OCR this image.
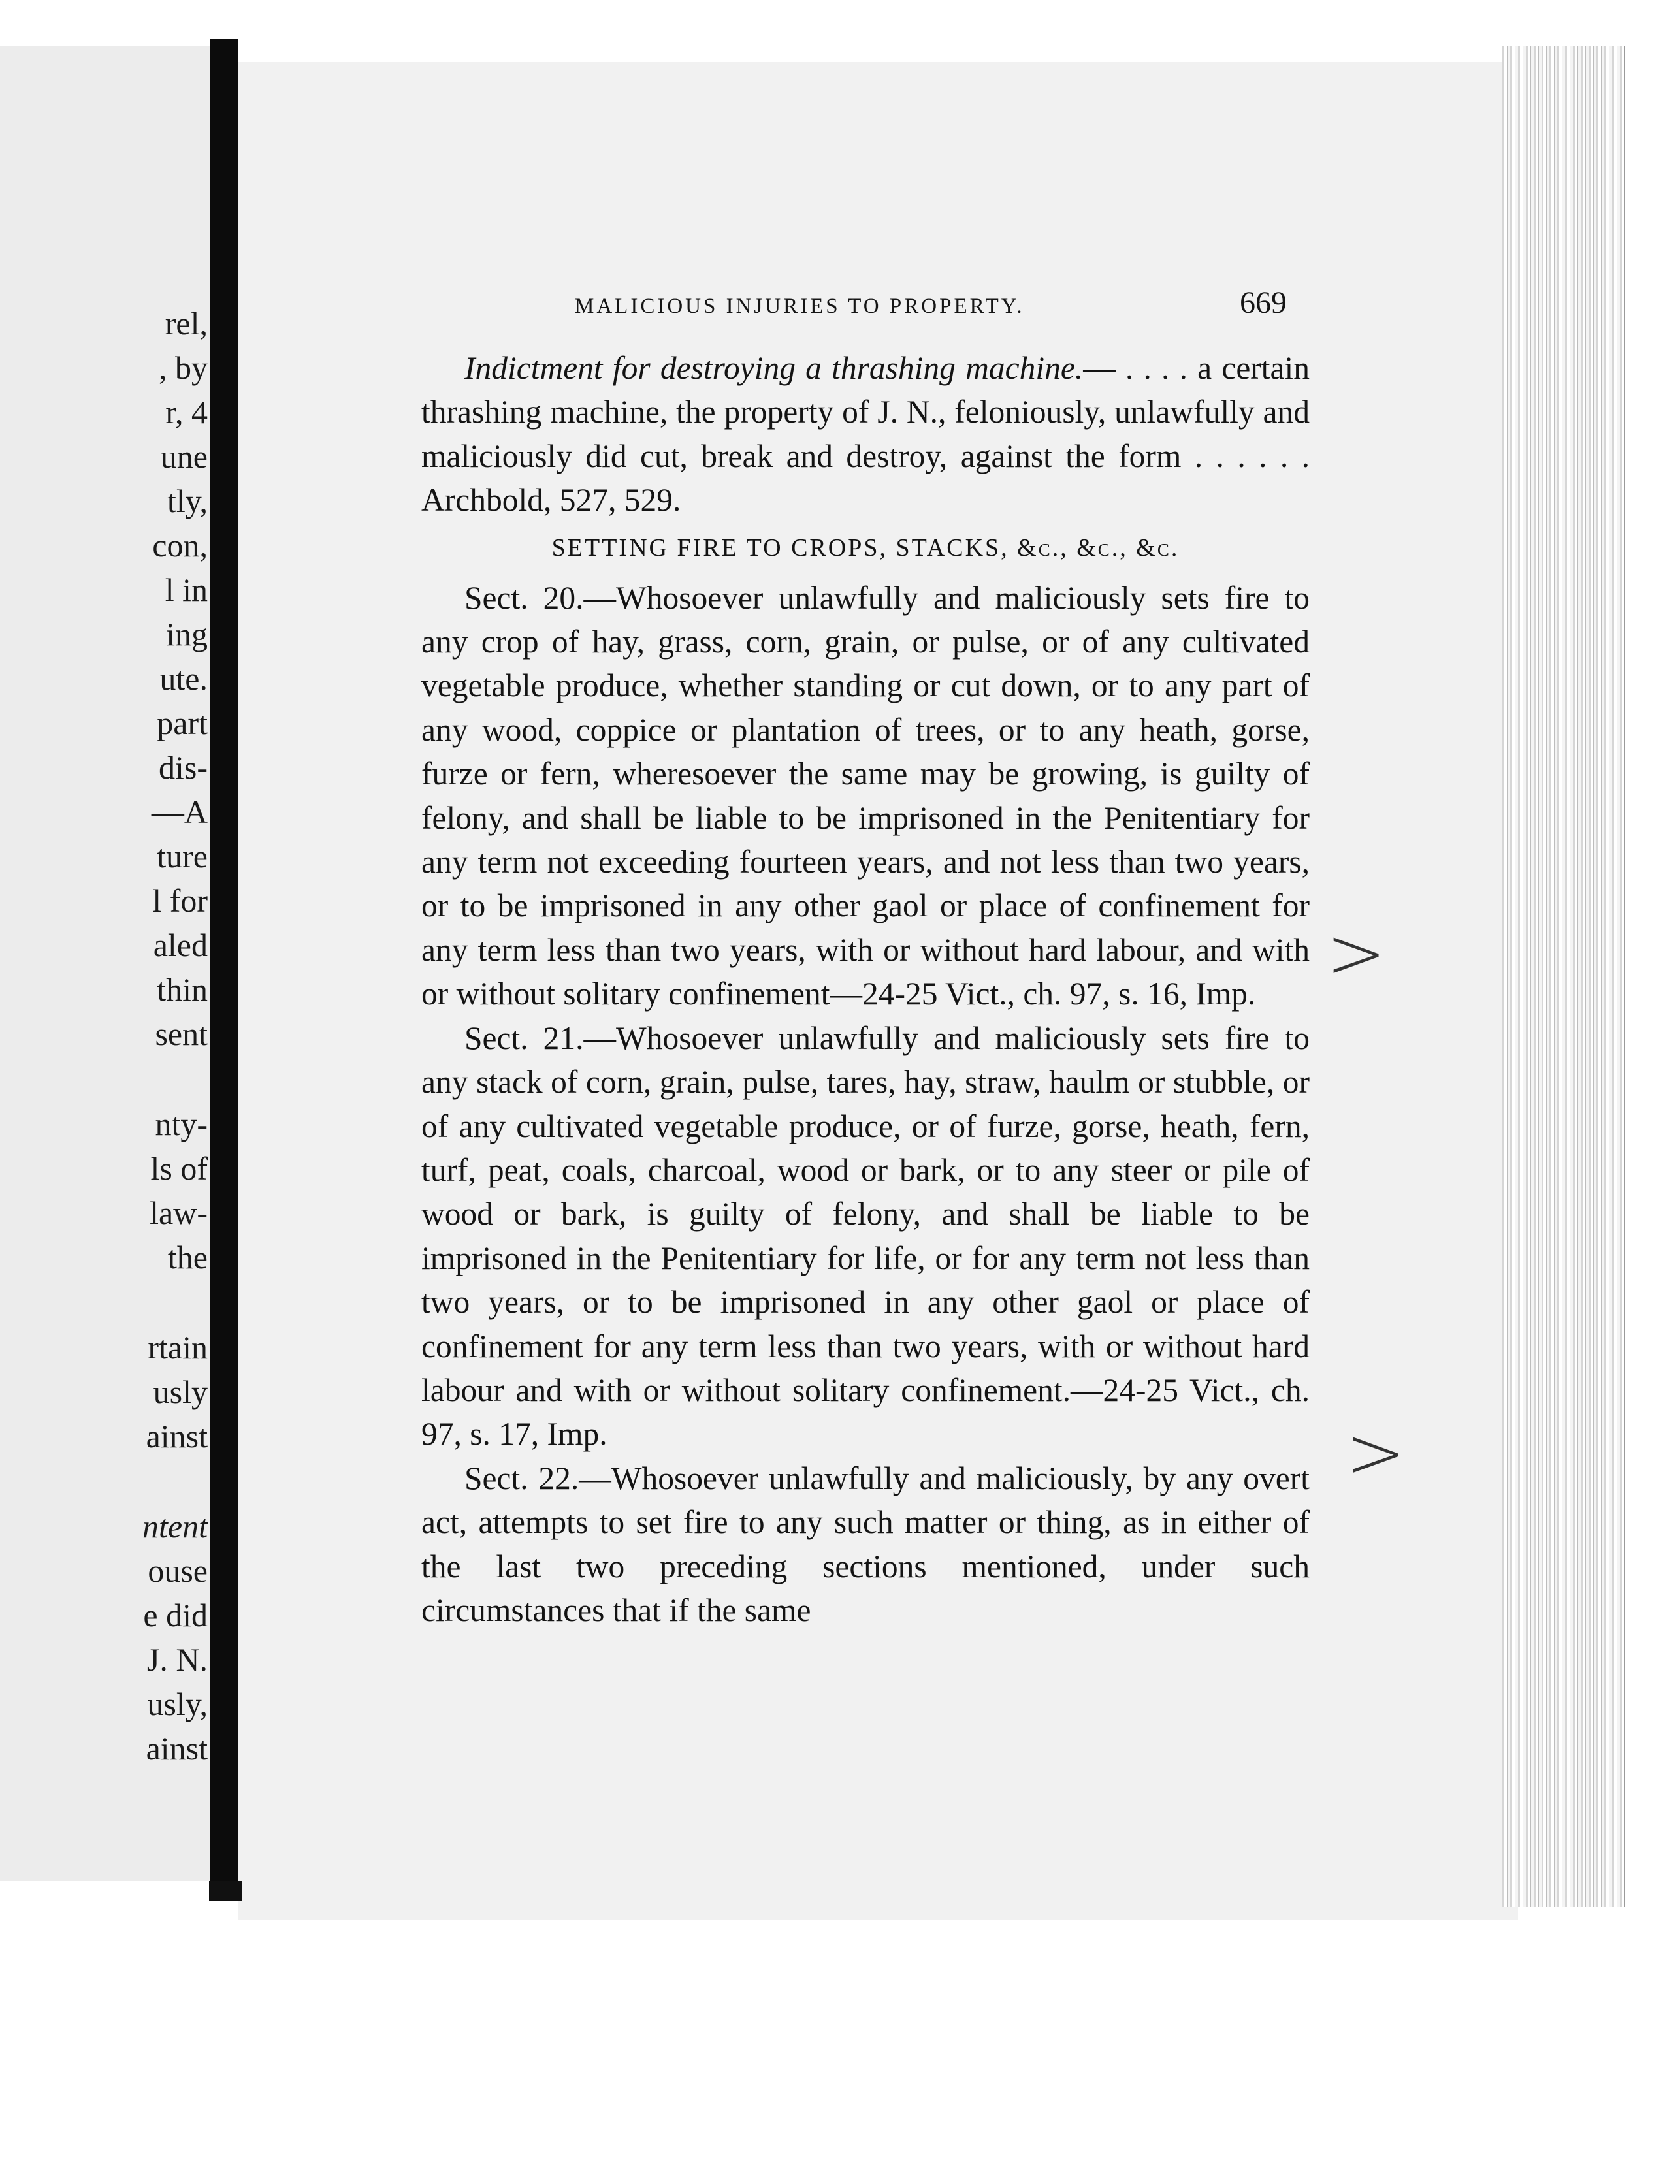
rel,
, by
r, 4
une
tly,
con,
l in
ing
ute.
part
dis-
—A
ture
l for
aled
thin
sent
nty-
ls of
law-
the
rtain
usly
ainst
ntent
ouse
e did
J. N.
usly,
ainst
MALICIOUS INJURIES TO PROPERTY.	669

Indictment for destroying a thrashing machine.— . . . . a certain thrashing machine, the property of J. N., feloniously, unlawfully and maliciously did cut, break and destroy, against the form . . . . . . Archbold, 527, 529.

SETTING FIRE TO CROPS, STACKS, &c., &c., &c.

Sect. 20.—Whosoever unlawfully and maliciously sets fire to any crop of hay, grass, corn, grain, or pulse, or of any cultivated vegetable produce, whether standing or cut down, or to any part of any wood, coppice or plantation of trees, or to any heath, gorse, furze or fern, wheresoever the same may be growing, is guilty of felony, and shall be liable to be imprisoned in the Penitentiary for any term not exceeding fourteen years, and not less than two years, or to be imprisoned in any other gaol or place of confinement for any term less than two years, with or without hard labour, and with or without solitary confinement—24-25 Vict., ch. 97, s. 16, Imp.

Sect. 21.—Whosoever unlawfully and maliciously sets fire to any stack of corn, grain, pulse, tares, hay, straw, haulm or stubble, or of any cultivated vegetable produce, or of furze, gorse, heath, fern, turf, peat, coals, charcoal, wood or bark, or to any steer or pile of wood or bark, is guilty of felony, and shall be liable to be imprisoned in the Penitentiary for life, or for any term not less than two years, or to be imprisoned in any other gaol or place of confinement for any term less than two years, with or without hard labour and with or without solitary confinement.—24-25 Vict., ch. 97, s. 17, Imp.

Sect. 22.—Whosoever unlawfully and maliciously, by any overt act, attempts to set fire to any such matter or thing, as in either of the last two preceding sections mentioned, under such circumstances that if the same

>
>
